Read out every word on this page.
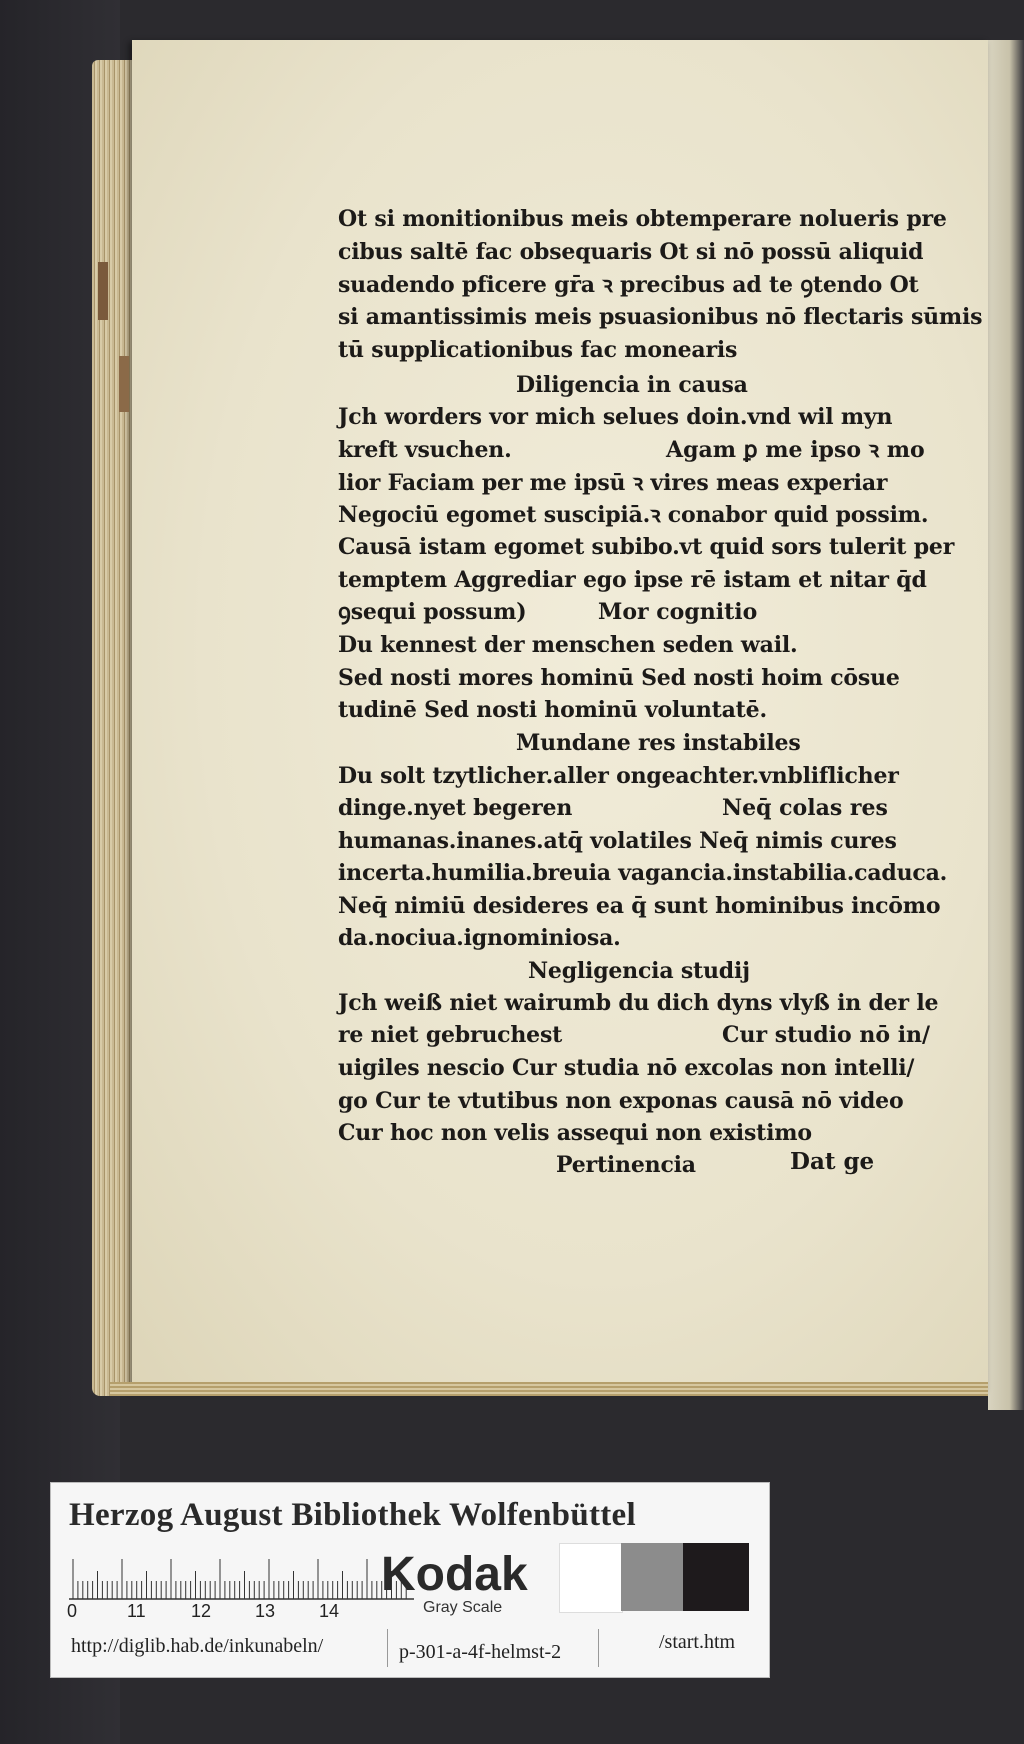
Ot si monitionibus meis obtemperare nolueris pre
cibus saltē fac obsequaris Ot si nō possū aliquid
suadendo pficere gr̄a ꝛ precibus ad te ꝯtendo Ot
si amantissimis meis psuasionibus nō flectaris sūmis
tū supplicationibus fac monearis
Diligencia in causa
Jch worders vor mich selues doin.vnd wil myn
kreft vsuchen.	Agam ꝑ me ipso ꝛ mo
lior Faciam per me ipsū ꝛ vires meas experiar
Negociū egomet suscipiā.ꝛ conabor quid possim.
Causā istam egomet subibo.vt quid sors tulerit per
temptem Aggrediar ego ipse rē istam et nitar q̄d
ꝯsequi possum)	Mor cognitio
Du kennest der menschen seden wail.
Sed nosti mores hominū Sed nosti hoim cōsue
tudinē Sed nosti hominū voluntatē.
Mundane res instabiles
Du solt tzytlicher.aller ongeachter.vnbliflicher
dinge.nyet begeren	Neq̄ colas res
humanas.inanes.atq̄ volatiles Neq̄ nimis cures
incerta.humilia.breuia vagancia.instabilia.caduca.
Neq̄ nimiū desideres ea q̄ sunt hominibus incōmo
da.nociua.ignominiosa.
Negligencia studij
Jch weiß niet wairumb du dich dyns vlyß in der le
re niet gebruchest	Cur studio nō in/
uigiles nescio Cur studia nō excolas non intelli/
go Cur te vtutibus non exponas causā nō video
Cur hoc non velis assequi non existimo
Pertinencia	Dat ge
Herzog August Bibliothek Wolfenbüttel
0	11	12 13 14
Kodak
Gray Scale
http://diglib.hab.de/inkunabeln/	p-301-a-4f-helmst-2	/start.htm
